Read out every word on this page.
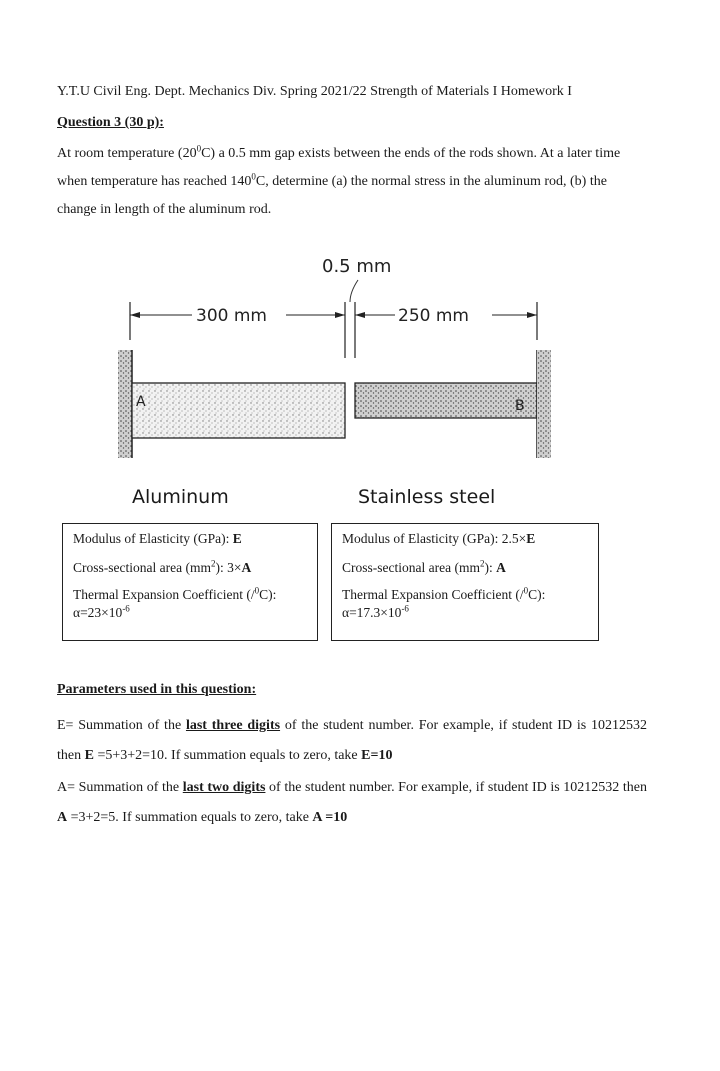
Y.T.U Civil Eng. Dept. Mechanics Div. Spring 2021/22 Strength of Materials I Homework I
Question 3 (30 p):
At room temperature $(20^0C)$ a 0.5 mm gap exists between the ends of the rods shown. At a later time when temperature has reached $140^0C$, determine (a) the normal stress in the aluminum rod, (b) the change in length of the aluminum rod.
0.5 mm
300 mm	250 mm
A	B
Aluminum	Stainless steel
Modulus of Elasticity (GPa): E
Cross-sectional area $(mm^2)$: 3×A
Thermal Expansion Coefficient (/$^0$C):
$\alpha=23\times 10^{-6}$
Modulus of Elasticity (GPa): 2.5×E
Cross-sectional area $(mm^2)$: A
Thermal Expansion Coefficient (/$^0$C):
$\alpha=17.3\times 10^{-6}$
Parameters used in this question:
E= Summation of the last three digits of the student number. For example, if student ID is 10212532 then E =5+3+2=10. If summation equals to zero, take E=10
A= Summation of the last two digits of the student number. For example, if student ID is 10212532 then A =3+2=5. If summation equals to zero, take A =10
